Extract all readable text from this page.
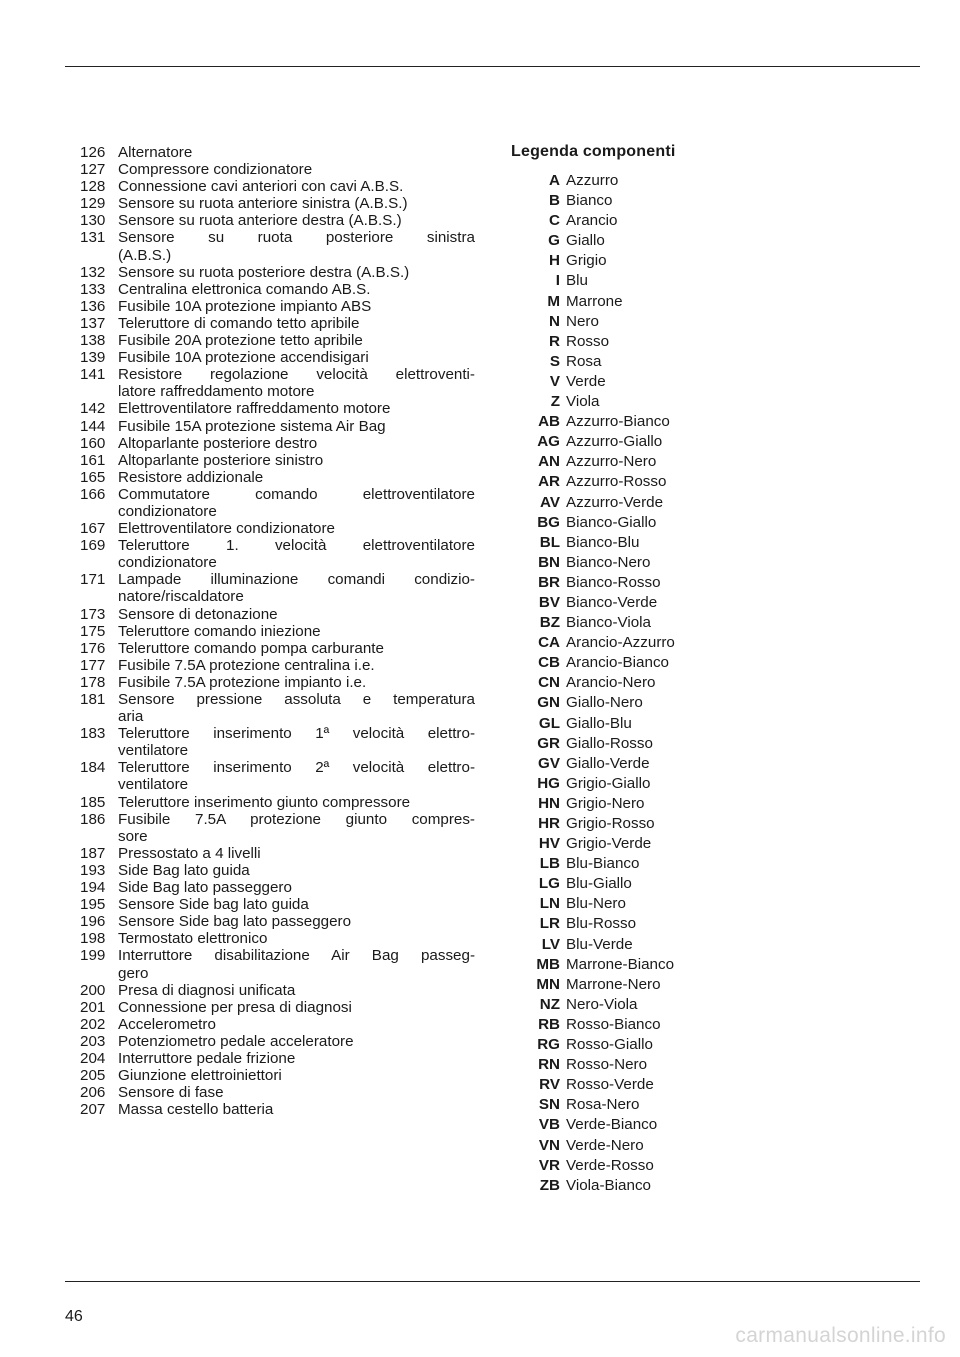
126 Alternatore
127 Compressore condizionatore
128 Connessione cavi anteriori con cavi A.B.S.
129 Sensore su ruota anteriore sinistra (A.B.S.)
130 Sensore su ruota anteriore destra (A.B.S.)
131 Sensore su ruota posteriore sinistra
(A.B.S.)
132 Sensore su ruota posteriore destra (A.B.S.)
133 Centralina elettronica comando AB.S.
136 Fusibile 10A protezione impianto ABS
137 Teleruttore di comando tetto apribile
138 Fusibile 20A protezione tetto apribile
139 Fusibile 10A protezione accendisigari
141 Resistore regolazione velocità elettroventi-
latore raffreddamento motore
142 Elettroventilatore raffreddamento motore
144 Fusibile 15A protezione sistema Air Bag
160 Altoparlante posteriore destro
161 Altoparlante posteriore sinistro
165 Resistore addizionale
166 Commutatore comando elettroventilatore
condizionatore
167 Elettroventilatore condizionatore
169 Teleruttore 1. velocità elettroventilatore
condizionatore
171 Lampade illuminazione comandi condizio-
natore/riscaldatore
173 Sensore di detonazione
175 Teleruttore comando iniezione
176 Teleruttore comando pompa carburante
177 Fusibile 7.5A protezione centralina i.e.
178 Fusibile 7.5A protezione impianto i.e.
181 Sensore pressione assoluta e temperatura
aria
183 Teleruttore inserimento 1ª velocità elettro-
ventilatore
184 Teleruttore inserimento 2ª velocità elettro-
ventilatore
185 Teleruttore inserimento giunto compressore
186 Fusibile 7.5A protezione giunto compres-
sore
187 Pressostato a 4 livelli
193 Side Bag lato guida
194 Side Bag lato passeggero
195 Sensore Side bag lato guida
196 Sensore Side bag lato passeggero
198 Termostato elettronico
199 Interruttore disabilitazione Air Bag passeg-
gero
200 Presa di diagnosi unificata
201 Connessione per presa di diagnosi
202 Accelerometro
203 Potenziometro pedale acceleratore
204 Interruttore pedale frizione
205 Giunzione elettroiniettori
206 Sensore di fase
207 Massa cestello batteria
Legenda componenti
A Azzurro
B Bianco
C Arancio
G Giallo
H Grigio
I Blu
M Marrone
N Nero
R Rosso
S Rosa
V Verde
Z Viola
AB Azzurro-Bianco
AG Azzurro-Giallo
AN Azzurro-Nero
AR Azzurro-Rosso
AV Azzurro-Verde
BG Bianco-Giallo
BL Bianco-Blu
BN Bianco-Nero
BR Bianco-Rosso
BV Bianco-Verde
BZ Bianco-Viola
CA Arancio-Azzurro
CB Arancio-Bianco
CN Arancio-Nero
GN Giallo-Nero
GL Giallo-Blu
GR Giallo-Rosso
GV Giallo-Verde
HG Grigio-Giallo
HN Grigio-Nero
HR Grigio-Rosso
HV Grigio-Verde
LB Blu-Bianco
LG Blu-Giallo
LN Blu-Nero
LR Blu-Rosso
LV Blu-Verde
MB Marrone-Bianco
MN Marrone-Nero
NZ Nero-Viola
RB Rosso-Bianco
RG Rosso-Giallo
RN Rosso-Nero
RV Rosso-Verde
SN Rosa-Nero
VB Verde-Bianco
VN Verde-Nero
VR Verde-Rosso
ZB Viola-Bianco
46
carmanualsonline.info
